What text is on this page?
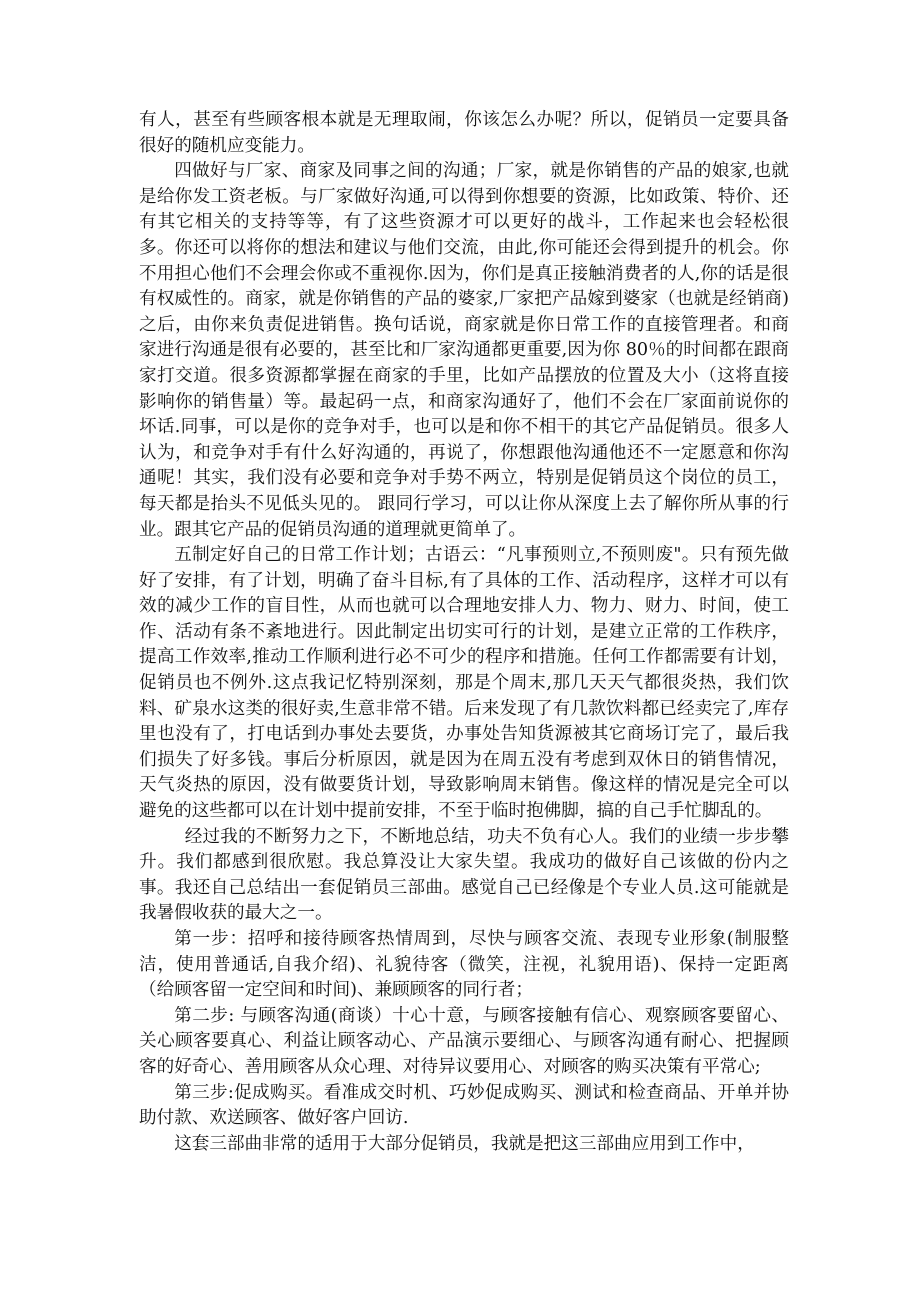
有人，甚至有些顾客根本就是无理取闹，你该怎么办呢？所以，促销员一定要具备很好的随机应变能力。

四做好与厂家、商家及同事之间的沟通；厂家，就是你销售的产品的娘家,也就是给你发工资老板。与厂家做好沟通,可以得到你想要的资源，比如政策、特价、还有其它相关的支持等等，有了这些资源才可以更好的战斗，工作起来也会轻松很多。你还可以将你的想法和建议与他们交流，由此,你可能还会得到提升的机会。你不用担心他们不会理会你或不重视你.因为，你们是真正接触消费者的人,你的话是很有权威性的。商家，就是你销售的产品的婆家,厂家把产品嫁到婆家（也就是经销商)之后，由你来负责促进销售。换句话说，商家就是你日常工作的直接管理者。和商家进行沟通是很有必要的，甚至比和厂家沟通都更重要,因为你 80％的时间都在跟商家打交道。很多资源都掌握在商家的手里，比如产品摆放的位置及大小（这将直接影响你的销售量）等。最起码一点，和商家沟通好了，他们不会在厂家面前说你的坏话.同事，可以是你的竞争对手，也可以是和你不相干的其它产品促销员。很多人认为，和竞争对手有什么好沟通的，再说了，你想跟他沟通他还不一定愿意和你沟通呢！其实，我们没有必要和竞争对手势不两立，特别是促销员这个岗位的员工，每天都是抬头不见低头见的。 跟同行学习，可以让你从深度上去了解你所从事的行业。跟其它产品的促销员沟通的道理就更简单了。

五制定好自己的日常工作计划；古语云：“凡事预则立,不预则废"。只有预先做好了安排，有了计划，明确了奋斗目标,有了具体的工作、活动程序，这样才可以有效的减少工作的盲目性，从而也就可以合理地安排人力、物力、财力、时间，使工作、活动有条不紊地进行。因此制定出切实可行的计划，是建立正常的工作秩序，提高工作效率,推动工作顺利进行必不可少的程序和措施。任何工作都需要有计划，促销员也不例外.这点我记忆特别深刻，那是个周末,那几天天气都很炎热，我们饮料、矿泉水这类的很好卖,生意非常不错。后来发现了有几款饮料都已经卖完了,库存里也没有了，打电话到办事处去要货，办事处告知货源被其它商场订完了，最后我们损失了好多钱。事后分析原因，就是因为在周五没有考虑到双休日的销售情况，天气炎热的原因，没有做要货计划，导致影响周末销售。像这样的情况是完全可以避免的这些都可以在计划中提前安排，不至于临时抱佛脚，搞的自己手忙脚乱的。

经过我的不断努力之下，不断地总结，功夫不负有心人。我们的业绩一步步攀升。我们都感到很欣慰。我总算没让大家失望。我成功的做好自己该做的份内之事。我还自己总结出一套促销员三部曲。感觉自己已经像是个专业人员.这可能就是我暑假收获的最大之一。

第一步：招呼和接待顾客热情周到，尽快与顾客交流、表现专业形象(制服整洁，使用普通话,自我介绍)、礼貌待客（微笑，注视，礼貌用语)、保持一定距离（给顾客留一定空间和时间)、兼顾顾客的同行者；

第二步: 与顾客沟通(商谈）十心十意，与顾客接触有信心、观察顾客要留心、关心顾客要真心、利益让顾客动心、产品演示要细心、与顾客沟通有耐心、把握顾客的好奇心、善用顾客从众心理、对待异议要用心、对顾客的购买决策有平常心;

第三步:促成购买。看准成交时机、巧妙促成购买、测试和检查商品、开单并协助付款、欢送顾客、做好客户回访.

这套三部曲非常的适用于大部分促销员，我就是把这三部曲应用到工作中，
